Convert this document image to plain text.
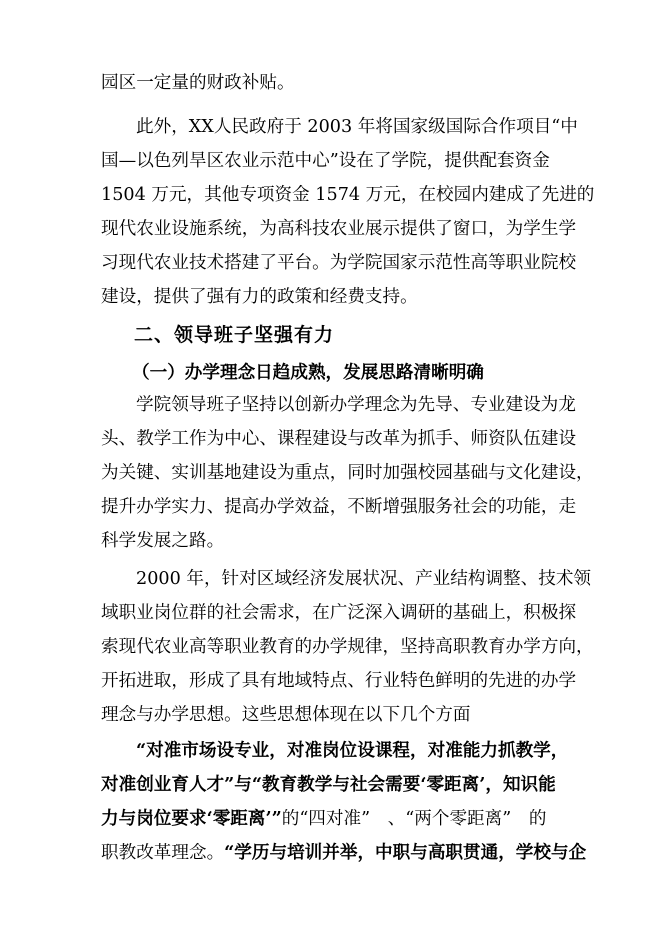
园区一定量的财政补贴。

此外，XX人民政府于 2003 年将国家级国际合作项目“中

国—以色列旱区农业示范中心”设在了学院，提供配套资金

1504 万元，其他专项资金 1574 万元，在校园内建成了先进的

现代农业设施系统，为高科技农业展示提供了窗口，为学生学

习现代农业技术搭建了平台。为学院国家示范性高等职业院校

建设，提供了强有力的政策和经费支持。

二、领导班子坚强有力

（一）办学理念日趋成熟，发展思路清晰明确

学院领导班子坚持以创新办学理念为先导、专业建设为龙

头、教学工作为中心、课程建设与改革为抓手、师资队伍建设

为关键、实训基地建设为重点，同时加强校园基础与文化建设，

提升办学实力、提高办学效益，不断增强服务社会的功能，走

科学发展之路。

2000 年，针对区域经济发展状况、产业结构调整、技术领

域职业岗位群的社会需求，在广泛深入调研的基础上，积极探

索现代农业高等职业教育的办学规律，坚持高职教育办学方向，

开拓进取，形成了具有地域特点、行业特色鲜明的先进的办学

理念与办学思想。这些思想体现在以下几个方面

“对准市场设专业，对准岗位设课程，对准能力抓教学，

对准创业育人才”与“教育教学与社会需要‘零距离’，知识能

力与岗位要求‘零距离’”的“四对准”　、“两个零距离”　的

职教改革理念。“学历与培训并举，中职与高职贯通，学校与企
